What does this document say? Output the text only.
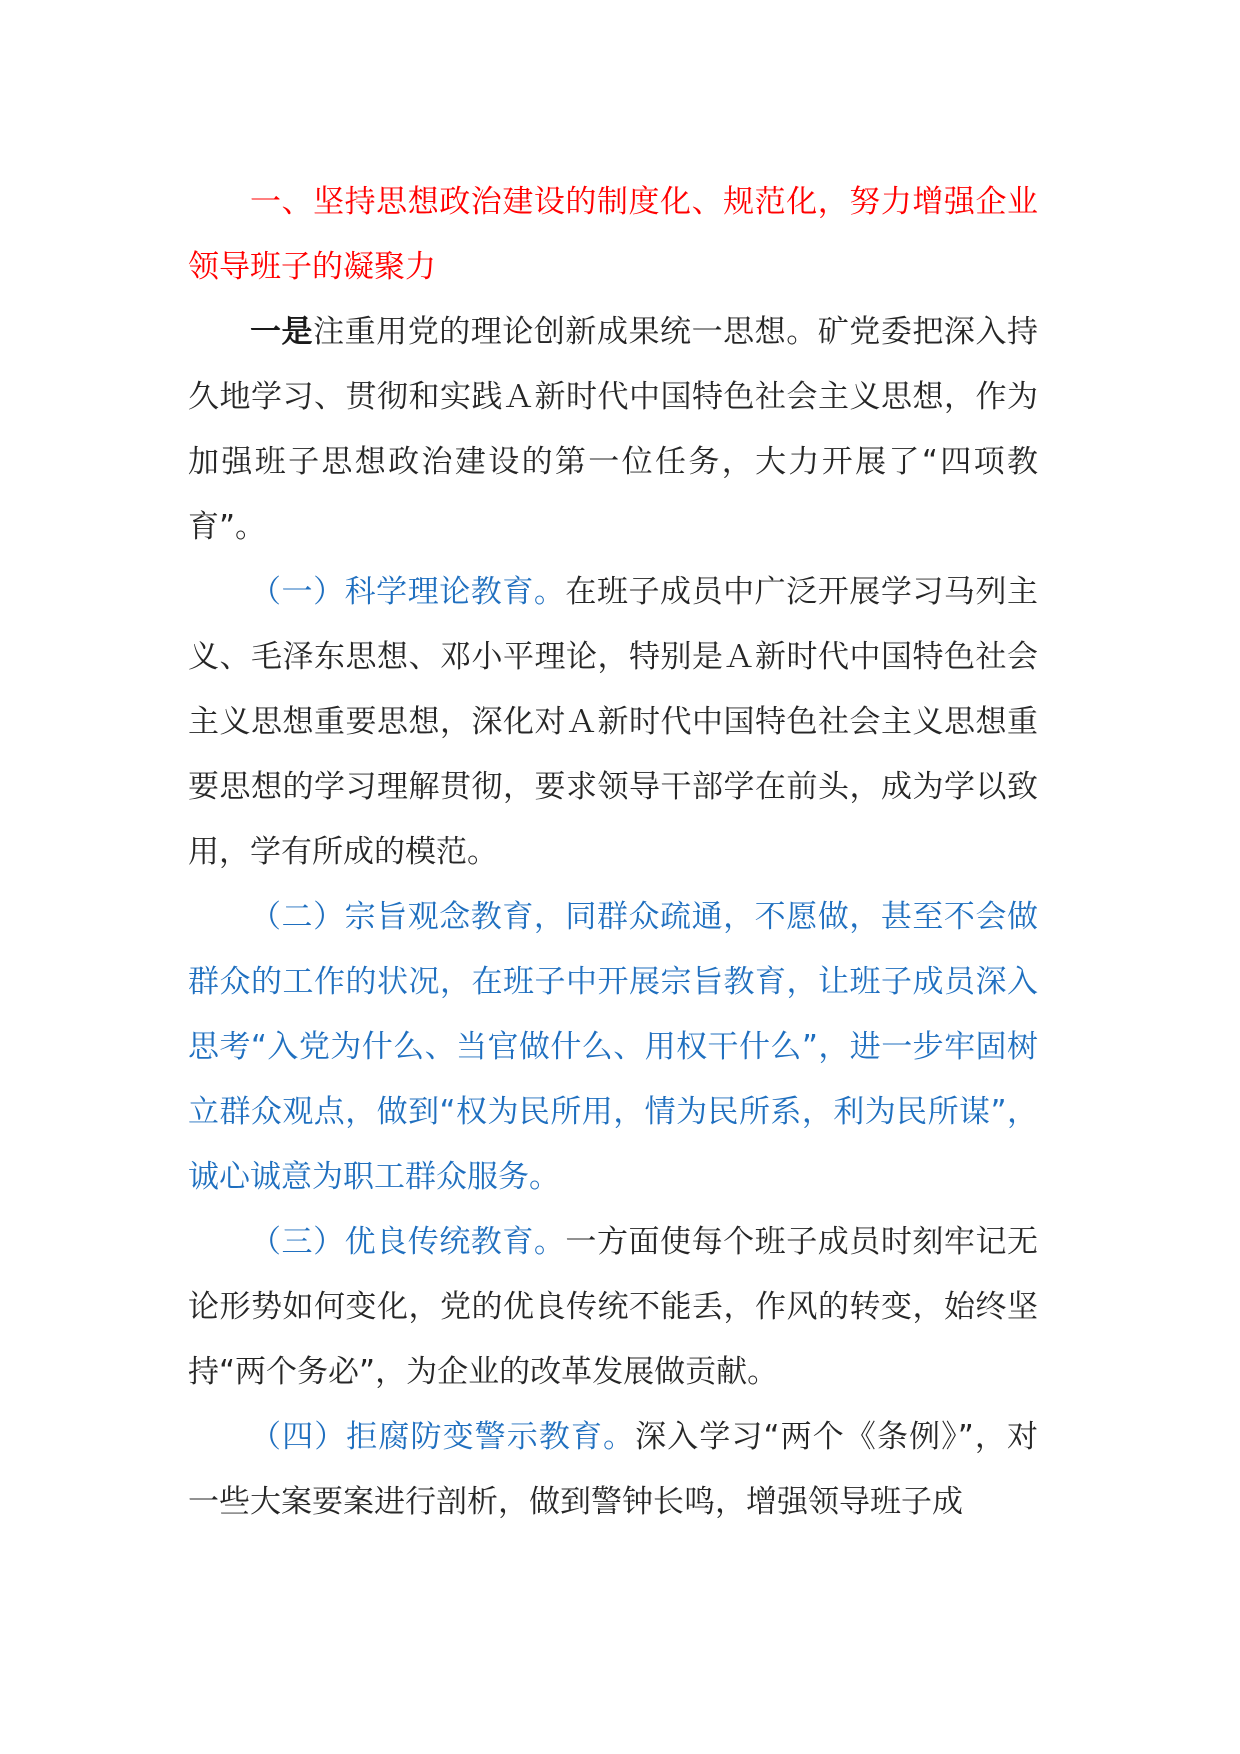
一、坚持思想政治建设的制度化、规范化，努力增强企业领导班子的凝聚力

一是注重用党的理论创新成果统一思想。矿党委把深入持久地学习、贯彻和实践Ａ新时代中国特色社会主义思想，作为加强班子思想政治建设的第一位任务，大力开展了“四项教育”。

（一）科学理论教育。在班子成员中广泛开展学习马列主义、毛泽东思想、邓小平理论，特别是Ａ新时代中国特色社会主义思想重要思想，深化对Ａ新时代中国特色社会主义思想重要思想的学习理解贯彻，要求领导干部学在前头，成为学以致用，学有所成的模范。

（二）宗旨观念教育，同群众疏通，不愿做，甚至不会做群众的工作的状况，在班子中开展宗旨教育，让班子成员深入思考“入党为什么、当官做什么、用权干什么”，进一步牢固树立群众观点，做到“权为民所用，情为民所系，利为民所谋”，诚心诚意为职工群众服务。

（三）优良传统教育。一方面使每个班子成员时刻牢记无论形势如何变化，党的优良传统不能丢，作风的转变，始终坚持“两个务必”，为企业的改革发展做贡献。

（四）拒腐防变警示教育。深入学习“两个《条例》”，对一些大案要案进行剖析，做到警钟长鸣，增强领导班子成
